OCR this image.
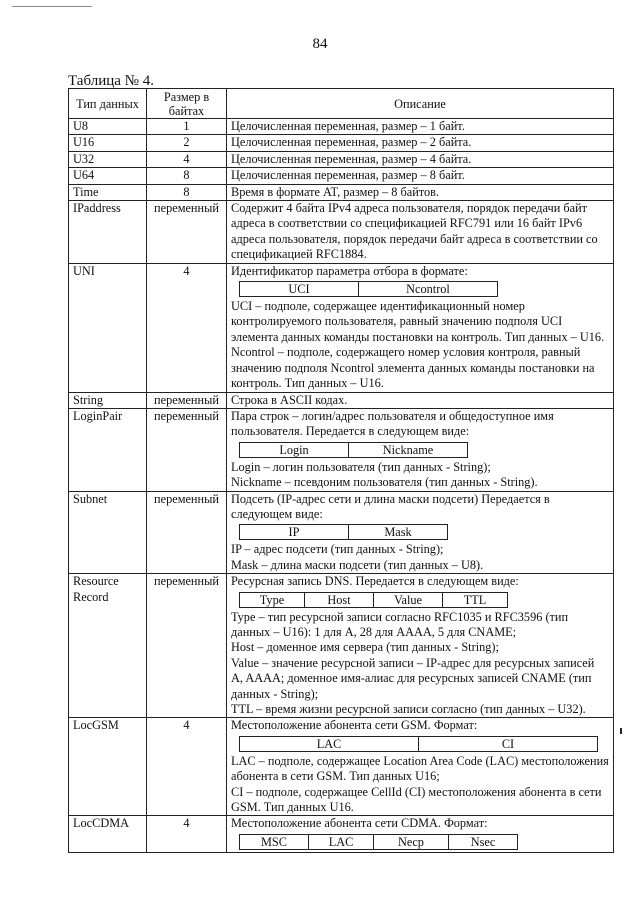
84
Таблица № 4.
Тип данных	Размер в байтах	Описание
U8	1	Целочисленная переменная, размер – 1 байт.

U16	2	Целочисленная переменная, размер – 2 байта.

U32	4	Целочисленная переменная, размер – 4 байта.

U64	8	Целочисленная переменная, размер – 8 байт.

Time	8	Время в формате AT, размер – 8 байтов.

IPaddress	переменный	Содержит 4 байта IPv4 адреса пользователя, порядок передачи байт адреса в соответствии со спецификацией RFC791 или 16 байт IPv6 адреса пользователя, порядок передачи байт адреса в соответствии со спецификацией RFC1884.

UNI	4	Идентификатор параметра отбора в формате:
UCI	Ncontrol
UCI – подполе, содержащее идентификационный номер контролируемого пользователя, равный значению подполя UCI элемента данных команды постановки на контроль. Тип данных – U16.
Ncontrol – подполе, содержащего номер условия контроля, равный значению подполя Ncontrol элемента данных команды постановки на контроль. Тип данных – U16.

String	переменный	Строка в ASCII кодах.

LoginPair	переменный	Пара строк – логин/адрес пользователя и общедоступное имя пользователя. Передается в следующем виде:
Login	Nickname
Login – логин пользователя (тип данных - String);
Nickname – псевдоним пользователя (тип данных - String).

Subnet	переменный	Подсеть (IP-адрес сети и длина маски подсети) Передается в следующем виде:
IP	Mask
IP – адрес подсети (тип данных - String);
Mask – длина маски подсети (тип данных – U8).

Resource Record	переменный	Ресурсная запись DNS. Передается в следующем виде:
Type	Host	Value	TTL
Type – тип ресурсной записи согласно RFC1035 и RFC3596 (тип данных – U16): 1 для A, 28 для AAAA, 5 для CNAME;
Host – доменное имя сервера (тип данных - String);
Value – значение ресурсной записи – IP-адрес для ресурсных записей A, AAAA; доменное имя-алиас для ресурсных записей CNAME (тип данных - String);
TTL – время жизни ресурсной записи согласно (тип данных – U32).

LocGSM	4	Местоположение абонента сети GSM. Формат:
LAC	CI
LAC – подполе, содержащее Location Area Code (LAC) местоположения абонента в сети GSM. Тип данных U16;
CI – подполе, содержащее CellId (CI) местоположения абонента в сети GSM. Тип данных U16.

LocCDMA	4	Местоположение абонента сети CDMA. Формат:
MSC	LAC	Necp	Nsec
